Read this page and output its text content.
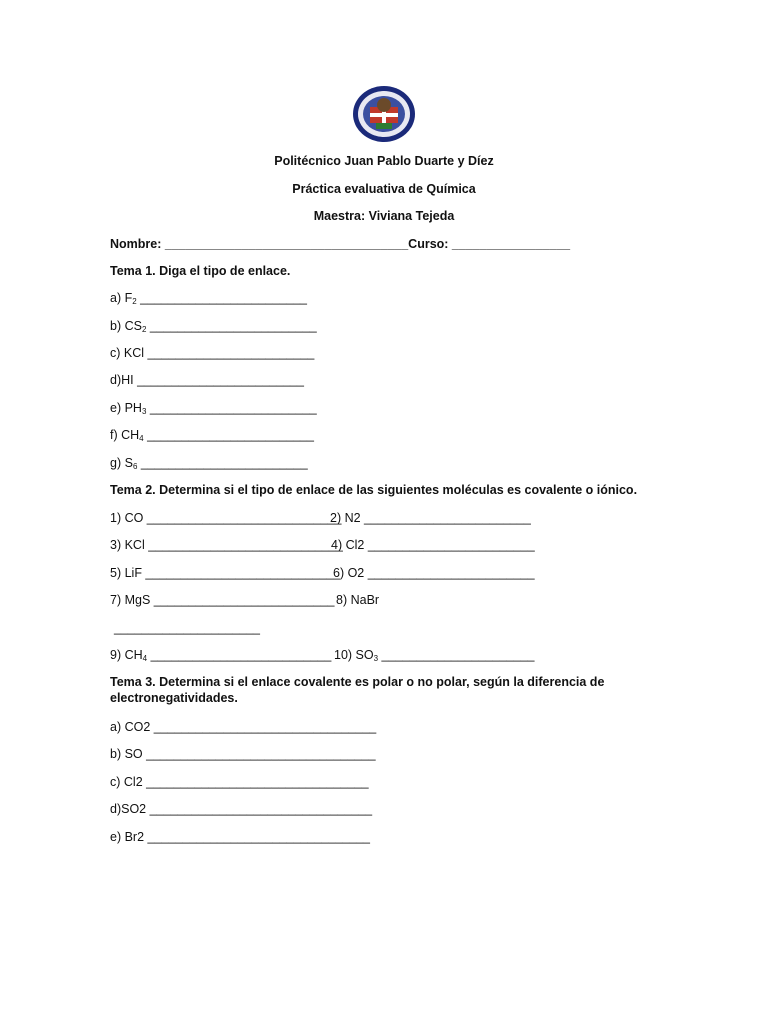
Politécnico Juan Pablo Duarte y Díez
Práctica evaluativa de Química
Maestra: Viviana Tejeda
Nombre: ___________________________________Curso: _________________
Tema 1. Diga el tipo de enlace.
a) $F_2$ ________________________
b) $CS_2$ ________________________
c) KCl ________________________
d)HI ________________________
e) $PH_3$ ________________________
f) $CH_4$ ________________________
g) $S_6$ ________________________
Tema 2. Determina si el tipo de enlace de las siguientes moléculas es covalente o iónico.
1) CO ____________________________
2) N2 ________________________
3) KCl ____________________________
4) Cl2 ________________________
5) LiF ____________________________
6) O2 ________________________
7) MgS __________________________ 8) NaBr
_____________________
9) $CH_4$ __________________________ 10) $SO_3$ ______________________
Tema 3. Determina si el enlace covalente es polar o no polar, según la diferencia de electronegatividades.
a) CO2 ________________________________
b) SO _________________________________
c) Cl2 ________________________________
d)SO2 ________________________________
e) Br2 ________________________________
